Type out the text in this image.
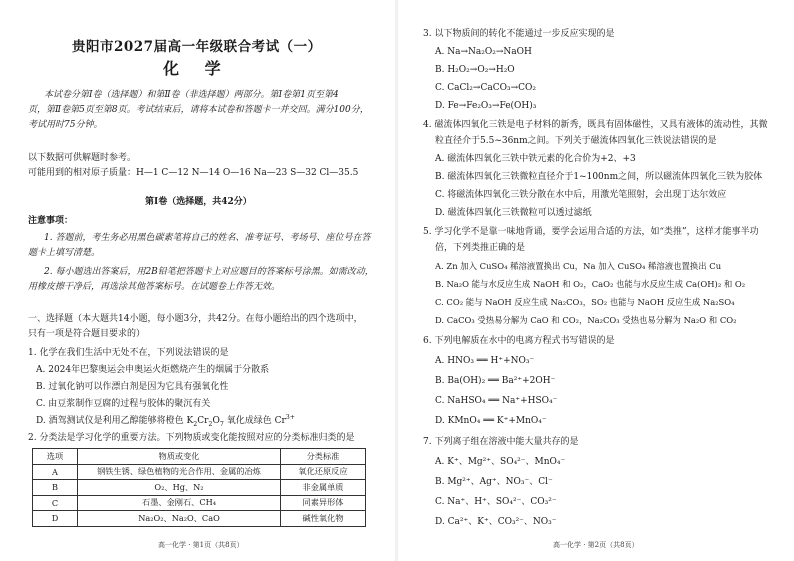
贵阳市2027届高一年级联合考试（一）
化 学
本试卷分第Ⅰ卷（选择题）和第Ⅱ卷（非选择题）两部分。第Ⅰ卷第1页至第4
页，第Ⅱ卷第5页至第8页。考试结束后，请将本试卷和答题卡一并交回。满分100分，
考试用时75分钟。
以下数据可供解题时参考。
可能用到的相对原子质量：H—1 C—12 N—14 O—16 Na—23 S—32 Cl—35.5
第Ⅰ卷（选择题，共42分）
注意事项：
1. 答题前，考生务必用黑色碳素笔将自己的姓名、准考证号、考场号、座位号在答
题卡上填写清楚。
2. 每小题选出答案后，用2B铅笔把答题卡上对应题目的答案标号涂黑。如需改动，
用橡皮擦干净后，再选涂其他答案标号。在试题卷上作答无效。
一、选择题（本大题共14小题，每小题3分，共42分。在每小题给出的四个选项中，
只有一项是符合题目要求的）
1. 化学在我们生活中无处不在，下列说法错误的是
A. 2024年巴黎奥运会申奥运火炬燃烧产生的烟属于分散系
B. 过氧化钠可以作漂白剂是因为它具有强氧化性
C. 由豆浆制作豆腐的过程与胶体的聚沉有关
D. 酒驾测试仪是利用乙醇能够将橙色 $K_2Cr_2O_7$ 氧化成绿色 $Cr^{3+}$
2. 分类法是学习化学的重要方法。下列物质或变化能按照对应的分类标准归类的是
选项	物质或变化	分类标准
A	钢铁生锈、绿色植物的光合作用、金属的冶炼	氧化还原反应
B	O₂、Hg、N₂	非金属单质
C	石墨、金刚石、CH₄	同素异形体
D	Na₂O₂、Na₂O、CaO	碱性氧化物
高一化学 · 第1页（共8页）
3. 以下物质间的转化不能通过一步反应实现的是
A. Na→Na₂O₂→NaOH
B. H₂O₂→O₂→H₂O
C. CaCl₂→CaCO₃→CO₂
D. Fe→Fe₂O₃→Fe(OH)₃
4. 磁流体四氧化三铁是电子材料的新秀，既具有固体磁性，又具有液体的流动性，其微
粒直径介于5.5~36nm之间。下列关于磁流体四氧化三铁说法错误的是
A. 磁流体四氧化三铁中铁元素的化合价为+2、+3
B. 磁流体四氧化三铁微粒直径介于1~100nm之间，所以磁流体四氧化三铁为胶体
C. 将磁流体四氧化三铁分散在水中后，用激光笔照射，会出现丁达尔效应
D. 磁流体四氧化三铁微粒可以透过滤纸
5. 学习化学不是靠一味地背诵，要学会运用合适的方法，如“类推”，这样才能事半功
倍，下列类推正确的是
A. Zn 加入 CuSO₄ 稀溶液置换出 Cu，Na 加入 CuSO₄ 稀溶液也置换出 Cu
B. Na₂O 能与水反应生成 NaOH 和 O₂，CaO₂ 也能与水反应生成 Ca(OH)₂ 和 O₂
C. CO₂ 能与 NaOH 反应生成 Na₂CO₃，SO₂ 也能与 NaOH 反应生成 Na₂SO₄
D. CaCO₃ 受热易分解为 CaO 和 CO₂，Na₂CO₃ 受热也易分解为 Na₂O 和 CO₂
6. 下列电解质在水中的电离方程式书写错误的是
A. HNO₃ ══ H⁺+NO₃⁻
B. Ba(OH)₂ ══ Ba²⁺+2OH⁻
C. NaHSO₄ ══ Na⁺+HSO₄⁻
D. KMnO₄ ══ K⁺+MnO₄⁻
7. 下列离子组在溶液中能大量共存的是
A. K⁺、Mg²⁺、SO₄²⁻、MnO₄⁻
B. Mg²⁺、Ag⁺、NO₃⁻、Cl⁻
C. Na⁺、H⁺、SO₄²⁻、CO₃²⁻
D. Ca²⁺、K⁺、CO₃²⁻、NO₃⁻
高一化学 · 第2页（共8页）
